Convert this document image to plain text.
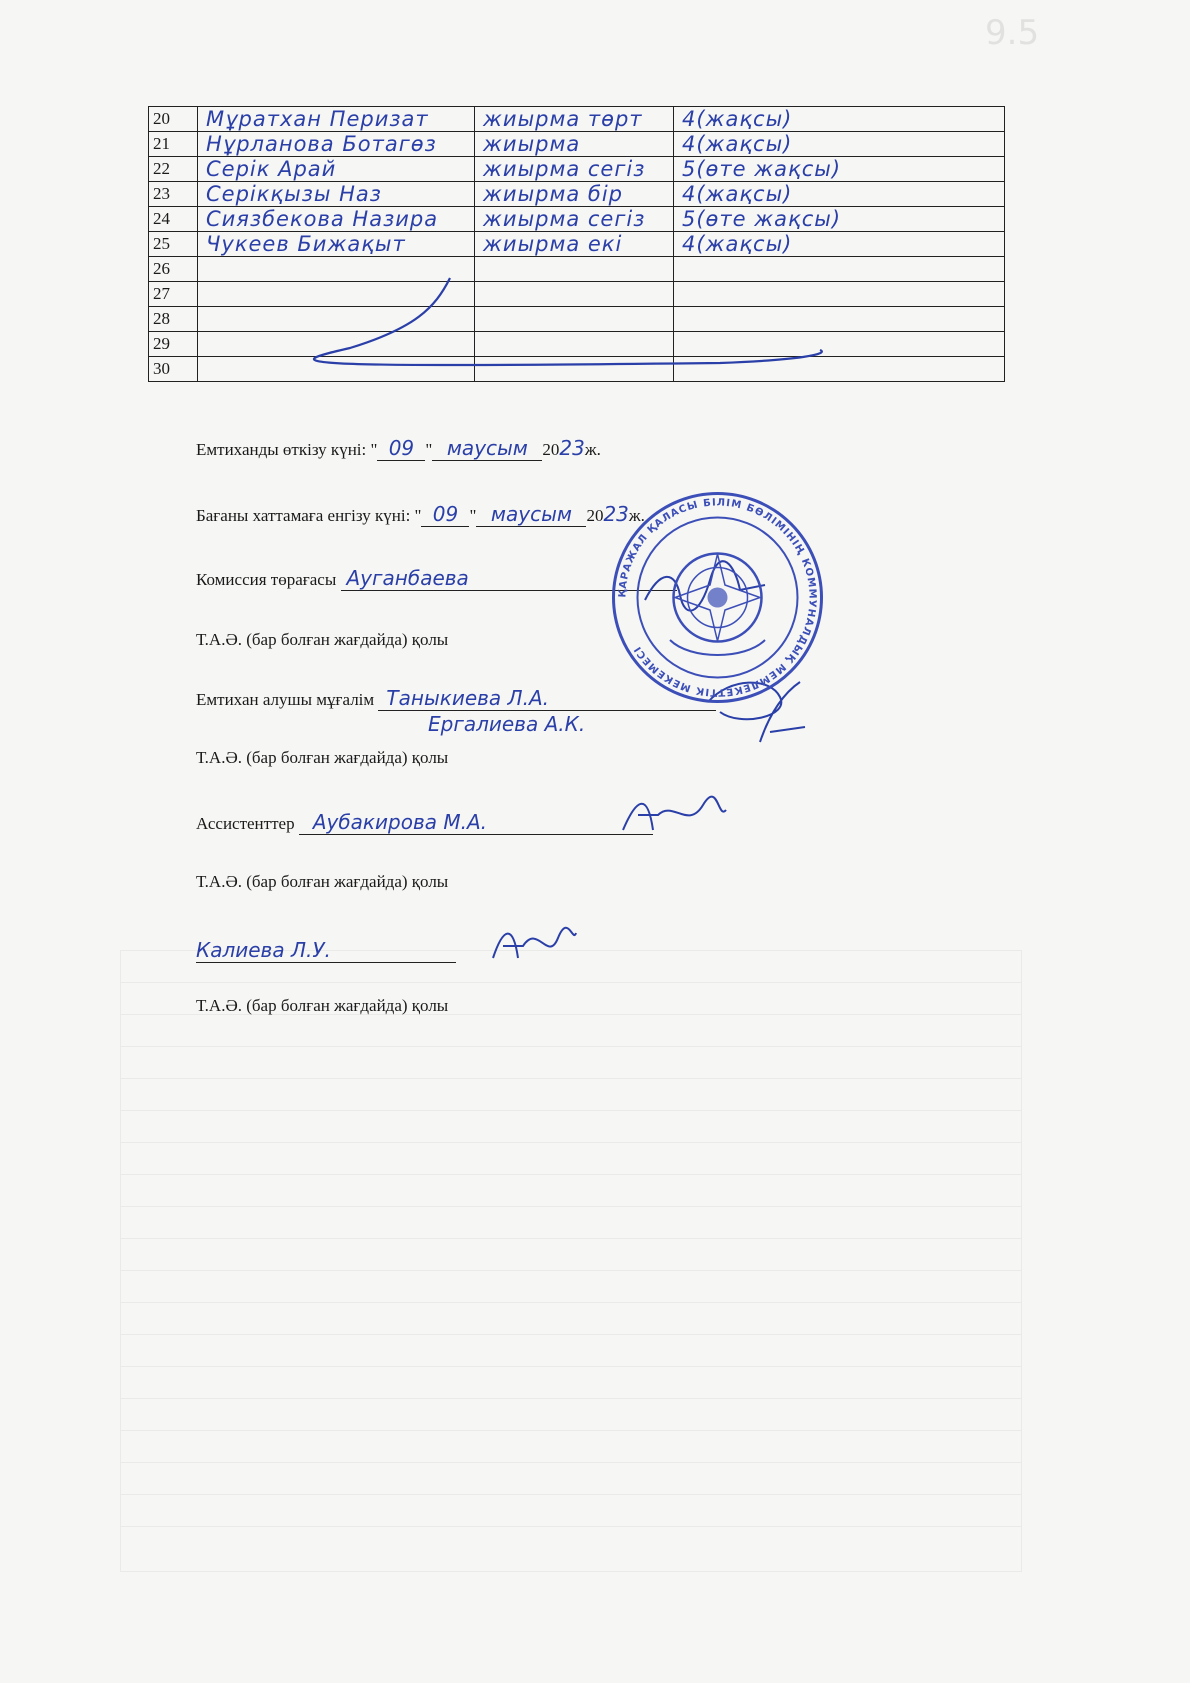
9.5
20	Мұратхан Перизат	жиырма төрт	4(жақсы)
21	Нұрланова Ботагөз	жиырма	4(жақсы)
22	Серік Арай	жиырма сегіз	5(өте жақсы)
23	Серікқызы Наз	жиырма бір	4(жақсы)
24	Сиязбекова Назира	жиырма сегіз	5(өте жақсы)
25	Чукеев Бижақыт	жиырма екі	4(жақсы)
26			
27			
28			
29			
30			
Емтиханды өткізу күні: " 09 " маусым 2023ж.
Бағаны хаттамаға енгізу күні: " 09 " маусым 2023ж.
Комиссия төрағасы Ауганбаева
Т.А.Ә. (бар болған жағдайда) қолы
Емтихан алушы мұғалім Таныкиева Л.А.
Ергалиева А.К.
Т.А.Ә. (бар болған жағдайда) қолы
Ассистенттер Аубакирова М.А.
Т.А.Ә. (бар болған жағдайда) қолы
Калиева Л.У.
Т.А.Ә. (бар болған жағдайда) қолы
ҚАРАЖАЛ ҚАЛАСЫ БІЛІМ БӨЛІМІНІҢ КОММУНАЛДЫҚ МЕМЛЕКЕТТІК МЕКЕМЕСІ
